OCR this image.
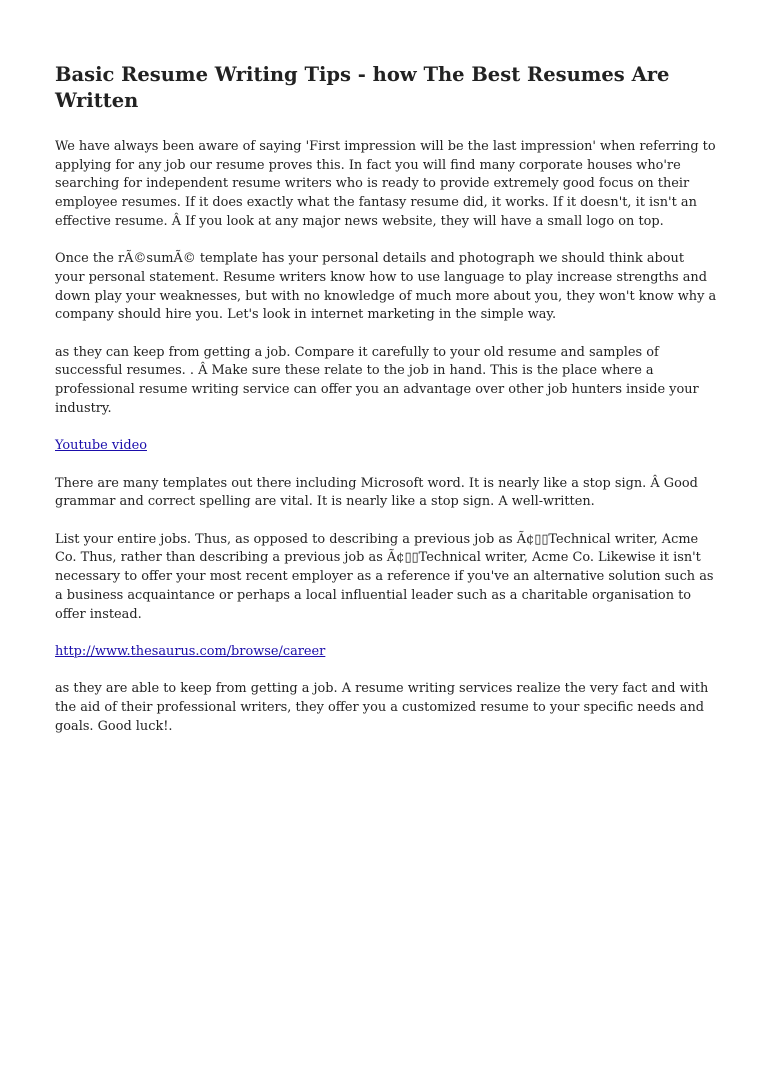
Basic Resume Writing Tips - how The Best Resumes Are Written

We have always been aware of saying 'First impression will be the last impression' when referring to applying for any job our resume proves this. In fact you will find many corporate houses who're searching for independent resume writers who is ready to provide extremely good focus on their employee resumes. If it does exactly what the fantasy resume did, it works. If it doesn't, it isn't an effective resume. Â If you look at any major news website, they will have a small logo on top.

Once the rÃ©sumÃ© template has your personal details and photograph we should think about your personal statement. Resume writers know how to use language to play increase strengths and down play your weaknesses, but with no knowledge of much more about you, they won't know why a company should hire you. Let's look in internet marketing in the simple way.

as they can keep from getting a job. Compare it carefully to your old resume and samples of successful resumes. . Â Make sure these relate to the job in hand. This is the place where a professional resume writing service can offer you an advantage over other job hunters inside your industry.

Youtube video

There are many templates out there including Microsoft word. It is nearly like a stop sign. Â Good grammar and correct spelling are vital. It is nearly like a stop sign. A well-written.

List your entire jobs. Thus, as opposed to describing a previous job as Ã¢▯▯Technical writer, Acme Co. Thus, rather than describing a previous job as Ã¢▯▯Technical writer, Acme Co. Likewise it isn't necessary to offer your most recent employer as a reference if you've an alternative solution such as a business acquaintance or perhaps a local influential leader such as a charitable organisation to offer instead.

http://www.thesaurus.com/browse/career

as they are able to keep from getting a job. A resume writing services realize the very fact and with the aid of their professional writers, they offer you a customized resume to your specific needs and goals. Good luck!.
